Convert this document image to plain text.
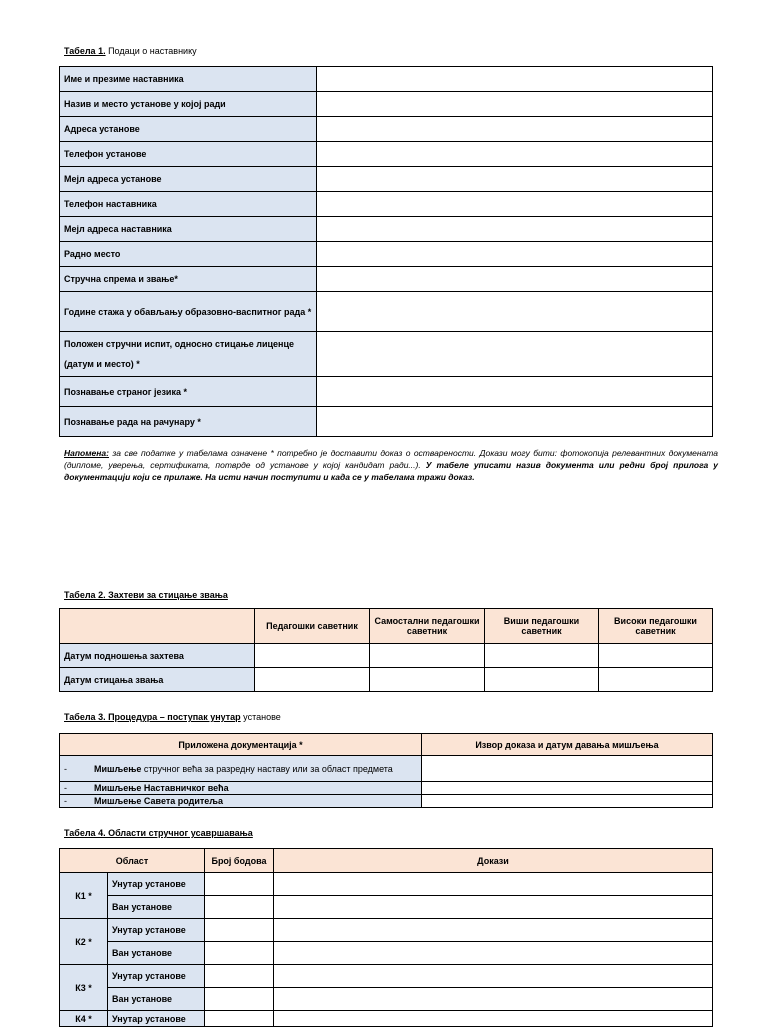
Табела 1. Подаци о наставнику
Име и презиме наставника	
Назив и место установе у којој ради	
Адреса установе	
Телефон установе	
Мејл адреса установе	
Телефон наставника	
Мејл адреса наставника	
Радно место	
Стручна спрема и звање*	
Године стажа у обављању образовно-васпитног рада *	
Положен стручни испит, односно стицање лиценце (датум и место) *	
Познавање страног језика *	
Познавање рада на рачунару *	
Напомена: за све податке у табелама означене * потребно је доставити доказ о остварености. Докази могу бити: фотокопија релевантних докумената (дипломе, уверења, сертификата, потврде од установе у којој кандидат ради...). У табеле уписати назив документа или редни број прилога у документацији који се прилаже. На исти начин поступити и када се у табелама тражи доказ.
Табела 2. Захтеви за стицање звања
	Педагошки саветник	Самостални педагошки саветник	Виши педагошки саветник	Високи педагошки саветник
Датум подношења захтева				
Датум стицања звања				
Табела 3. Процедура – поступак унутар установе
Приложена документација *	Извор доказа и датум давања мишљења
- Мишљење стручног већа за разредну наставу или за област предмета	
- Мишљење Наставничког већа	
- Мишљење Савета родитеља	
Табела 4. Области стручног усавршавања
Област		Број бодова	Докази
К1 *	Унутар установе		
	Ван установе		
К2 *	Унутар установе		
	Ван установе		
К3 *	Унутар установе		
	Ван установе		
К4 *	Унутар установе		
